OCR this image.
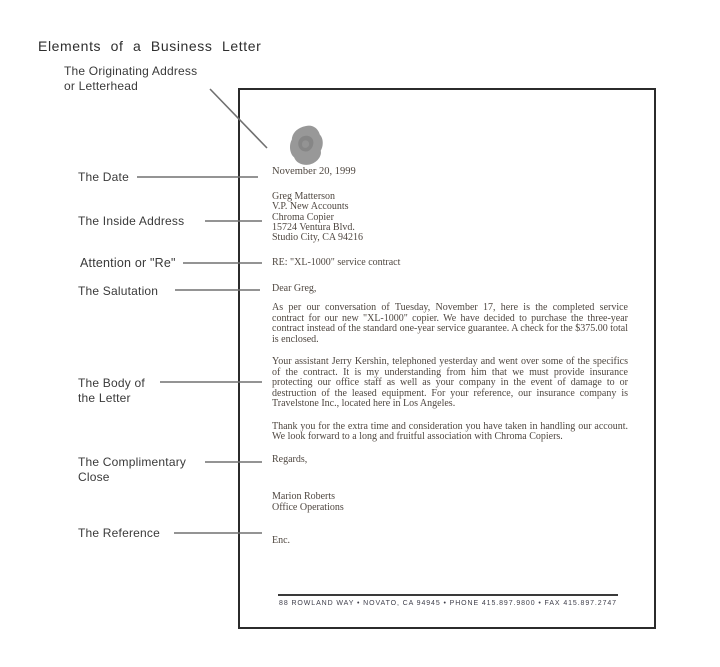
Elements of a Business Letter
The Originating Address
or Letterhead
The Date
The Inside Address
Attention or "Re"
The Salutation
The Body of
the Letter
The Complimentary
Close
The Reference
November 20, 1999
Greg Matterson
V.P. New Accounts
Chroma Copier
15724 Ventura Blvd.
Studio City, CA 94216
RE: "XL-1000" service contract
Dear Greg,

As per our conversation of Tuesday, November 17, here is the completed service contract for our new "XL-1000" copier. We have decided to purchase the three-year contract instead of the standard one-year service guarantee. A check for the $375.00 total is enclosed.

Your assistant Jerry Kershin, telephoned yesterday and went over some of the specifics of the contract. It is my understanding from him that we must provide insurance protecting our office staff as well as your company in the event of damage to or destruction of the leased equipment. For your reference, our insurance company is Travelstone Inc., located here in Los Angeles.

Thank you for the extra time and consideration you have taken in handling our account. We look forward to a long and fruitful association with Chroma Copiers.

Regards,

Marion Roberts
Office Operations
Enc.
88 ROWLAND WAY • NOVATO, CA 94945 • PHONE 415.897.9800 • FAX 415.897.2747
